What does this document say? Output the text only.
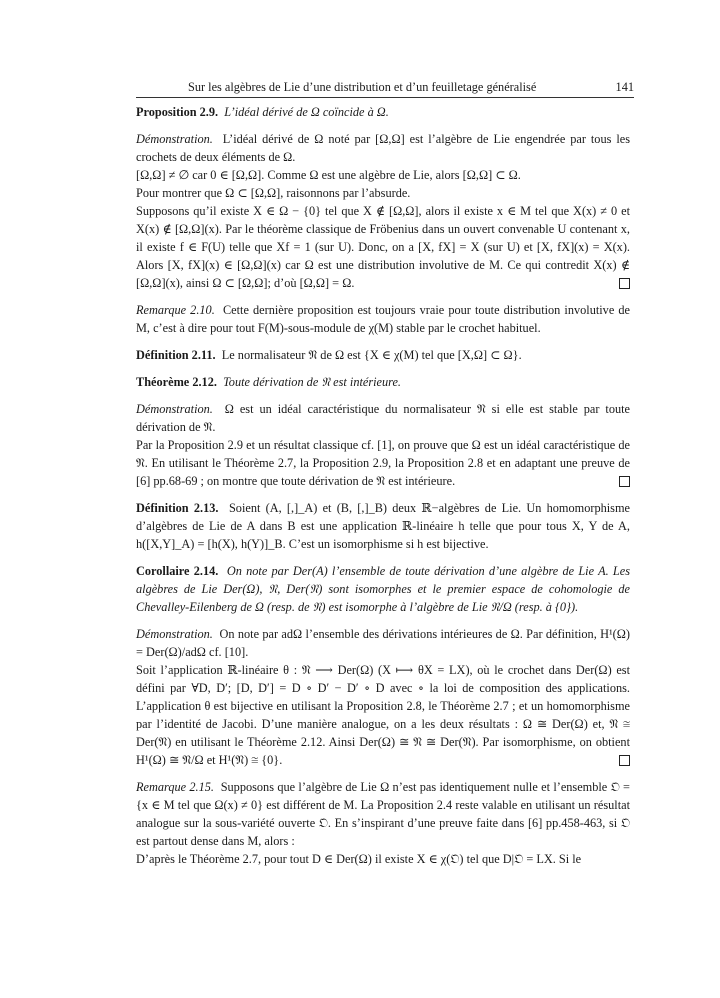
Sur les algèbres de Lie d’une distribution et d’un feuilletage généralisé	141

Proposition 2.9. L’idéal dérivé de Ω coïncide à Ω.

Démonstration. L’idéal dérivé de Ω noté par [Ω,Ω] est l’algèbre de Lie engendrée par tous les crochets de deux éléments de Ω.

[Ω,Ω] ≠ ∅ car 0 ∈ [Ω,Ω]. Comme Ω est une algèbre de Lie, alors [Ω,Ω] ⊂ Ω.

Pour montrer que Ω ⊂ [Ω,Ω], raisonnons par l’absurde.

Supposons qu’il existe X ∈ Ω − {0} tel que X ∉ [Ω,Ω], alors il existe x ∈ M tel que X(x) ≠ 0 et X(x) ∉ [Ω,Ω](x). Par le théorème classique de Fröbenius dans un ouvert convenable U contenant x, il existe f ∈ F(U) telle que Xf = 1 (sur U). Donc, on a [X, fX] = X (sur U) et [X, fX](x) = X(x). Alors [X, fX](x) ∈ [Ω,Ω](x) car Ω est une distribution involutive de M. Ce qui contredit X(x) ∉ [Ω,Ω](x), ainsi Ω ⊂ [Ω,Ω]; d’où [Ω,Ω] = Ω.

Remarque 2.10. Cette dernière proposition est toujours vraie pour toute distribution involutive de M, c’est à dire pour tout F(M)-sous-module de χ(M) stable par le crochet habituel.

Définition 2.11. Le normalisateur 𝔑 de Ω est {X ∈ χ(M) tel que [X,Ω] ⊂ Ω}.

Théorème 2.12. Toute dérivation de 𝔑 est intérieure.

Démonstration. Ω est un idéal caractéristique du normalisateur 𝔑 si elle est stable par toute dérivation de 𝔑.

Par la Proposition 2.9 et un résultat classique cf. [1], on prouve que Ω est un idéal caractéristique de 𝔑. En utilisant le Théorème 2.7, la Proposition 2.9, la Proposition 2.8 et en adaptant une preuve de [6] pp.68-69 ; on montre que toute dérivation de 𝔑 est intérieure.

Définition 2.13. Soient (A, [,]_A) et (B, [,]_B) deux ℝ−algèbres de Lie. Un homomorphisme d’algèbres de Lie de A dans B est une application ℝ-linéaire h telle que pour tous X, Y de A, h([X,Y]_A) = [h(X), h(Y)]_B. C’est un isomorphisme si h est bijective.

Corollaire 2.14. On note par Der(A) l’ensemble de toute dérivation d’une algèbre de Lie A. Les algèbres de Lie Der(Ω), 𝔑, Der(𝔑) sont isomorphes et le premier espace de cohomologie de Chevalley-Eilenberg de Ω (resp. de 𝔑) est isomorphe à l’algèbre de Lie 𝔑/Ω (resp. à {0}).

Démonstration. On note par adΩ l’ensemble des dérivations intérieures de Ω. Par définition, H¹(Ω) = Der(Ω)/adΩ cf. [10].

Soit l’application ℝ-linéaire θ : 𝔑 ⟶ Der(Ω) (X ⟼ θX = LX), où le crochet dans Der(Ω) est défini par ∀D, D′; [D, D′] = D ∘ D′ − D′ ∘ D avec ∘ la loi de composition des applications. L’application θ est bijective en utilisant la Proposition 2.8, le Théorème 2.7 ; et un homomorphisme par l’identité de Jacobi. D’une manière analogue, on a les deux résultats : Ω ≅ Der(Ω) et, 𝔑 ≅ Der(𝔑) en utilisant le Théorème 2.12. Ainsi Der(Ω) ≅ 𝔑 ≅ Der(𝔑). Par isomorphisme, on obtient H¹(Ω) ≅ 𝔑/Ω et H¹(𝔑) ≅ {0}.

Remarque 2.15. Supposons que l’algèbre de Lie Ω n’est pas identiquement nulle et l’ensemble 𝔒 = {x ∈ M tel que Ω(x) ≠ 0} est différent de M. La Proposition 2.4 reste valable en utilisant un résultat analogue sur la sous-variété ouverte 𝔒. En s’inspirant d’une preuve faite dans [6] pp.458-463, si 𝔒 est partout dense dans M, alors :

D’après le Théorème 2.7, pour tout D ∈ Der(Ω) il existe X ∈ χ(𝔒) tel que D|𝔒 = LX. Si le
